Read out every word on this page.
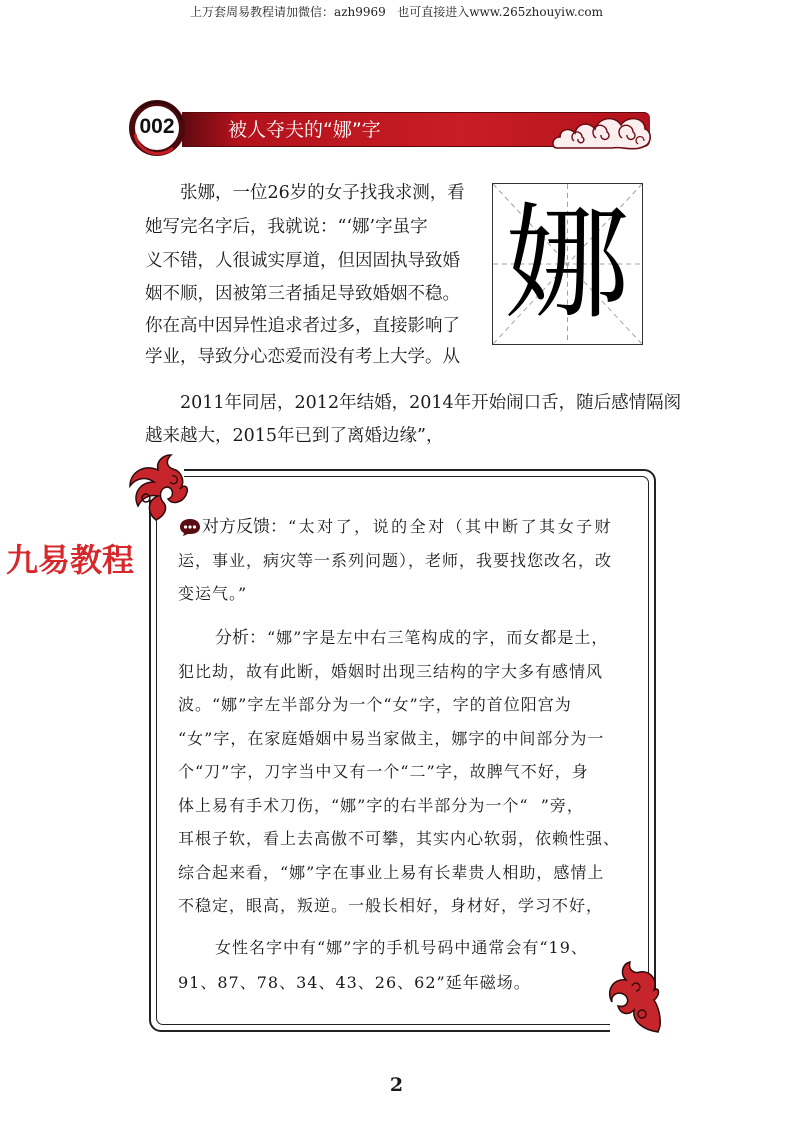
上万套周易教程请加微信：azh9969   也可直接进入www.265zhouyiw.com
被人夺夫的“娜”字
002
娜
张娜，一位26岁的女子找我求测，看
她写完名字后，我就说：“‘娜’字虽字
义不错，人很诚实厚道，但因固执导致婚
姻不顺，因被第三者插足导致婚姻不稳。
你在高中因异性追求者过多，直接影响了
学业，导致分心恋爱而没有考上大学。从
2011年同居，2012年结婚，2014年开始闹口舌，随后感情隔阂
越来越大，2015年已到了离婚边缘”，
九易教程
对方反馈： “太对了，说的全对（其中断了其女子财
运，事业，病灾等一系列问题），老师，我要找您改名，改
变运气。”
分析： “娜”字是左中右三笔构成的字，而女都是土，
犯比劫，故有此断，婚姻时出现三结构的字大多有感情风
波。“娜”字左半部分为一个“女”字，字的首位阳宫为
“女”字，在家庭婚姻中易当家做主，娜字的中间部分为一
个“刀”字，刀字当中又有一个“二”字，故脾气不好，身
体上易有手术刀伤，“娜”字的右半部分为一个“  ”旁，
耳根子软，看上去高傲不可攀，其实内心软弱，依赖性强、
综合起来看，“娜”字在事业上易有长辈贵人相助，感情上
不稳定，眼高，叛逆。一般长相好，身材好，学习不好，
女性名字中有“娜”字的手机号码中通常会有“19、
91、87、78、34、43、26、62”延年磁场。
2
